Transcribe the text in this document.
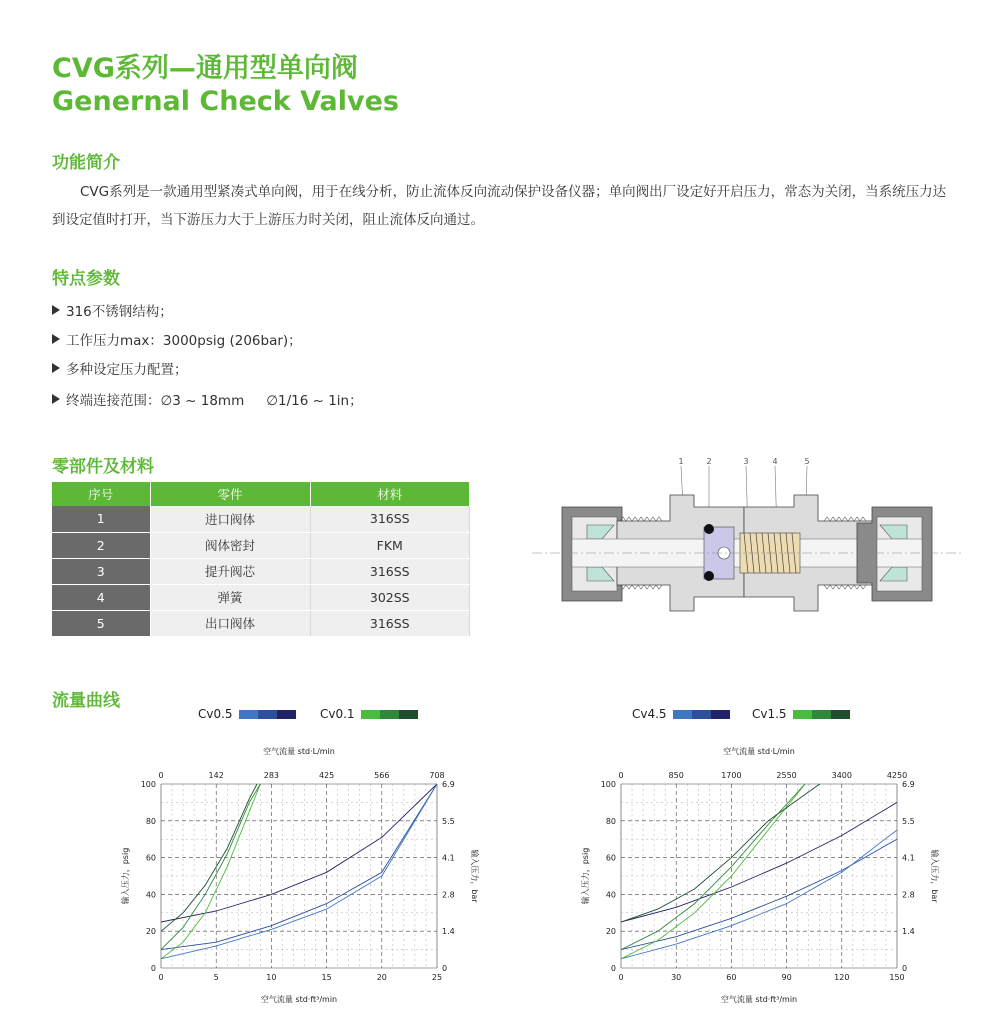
CVG系列—通用型单向阀
Genernal Check Valves
功能简介
CVG系列是一款通用型紧凑式单向阀，用于在线分析，防止流体反向流动保护设备仪器；单向阀出厂设定好开启压力，常态为关闭，当系统压力达到设定值时打开，当下游压力大于上游压力时关闭，阻止流体反向通过。
特点参数
316不锈钢结构；
工作压力max：3000psig (206bar)；
多种设定压力配置；
终端连接范围：∅3 ~ 18mm ∅1/16 ~ 1in；
零部件及材料
序号	零件	材料
1	进口阀体	316SS
2	阀体密封	FKM
3	提升阀芯	316SS
4	弹簧	302SS
5	出口阀体	316SS
1	2	3	4	5
流量曲线
Cv0.5	Cv0.1	Cv4.5	Cv1.5
空气流量 std·L/min
空气流量 std·ft³/min
输入压力，psig	输入压力，bar
0
0
5
142
10
283
15
425
20
566
25
708
0	0
20	1.4
40	2.8
60	4.1
80	5.5
100	6.9
空气流量 std·L/min
空气流量 std·ft³/min
输入压力，psig	输入压力，bar
0
0
30
850
60
1700
90
2550
120
3400
150
4250
0	0
20	1.4
40	2.8
60	4.1
80	5.5
100	6.9
